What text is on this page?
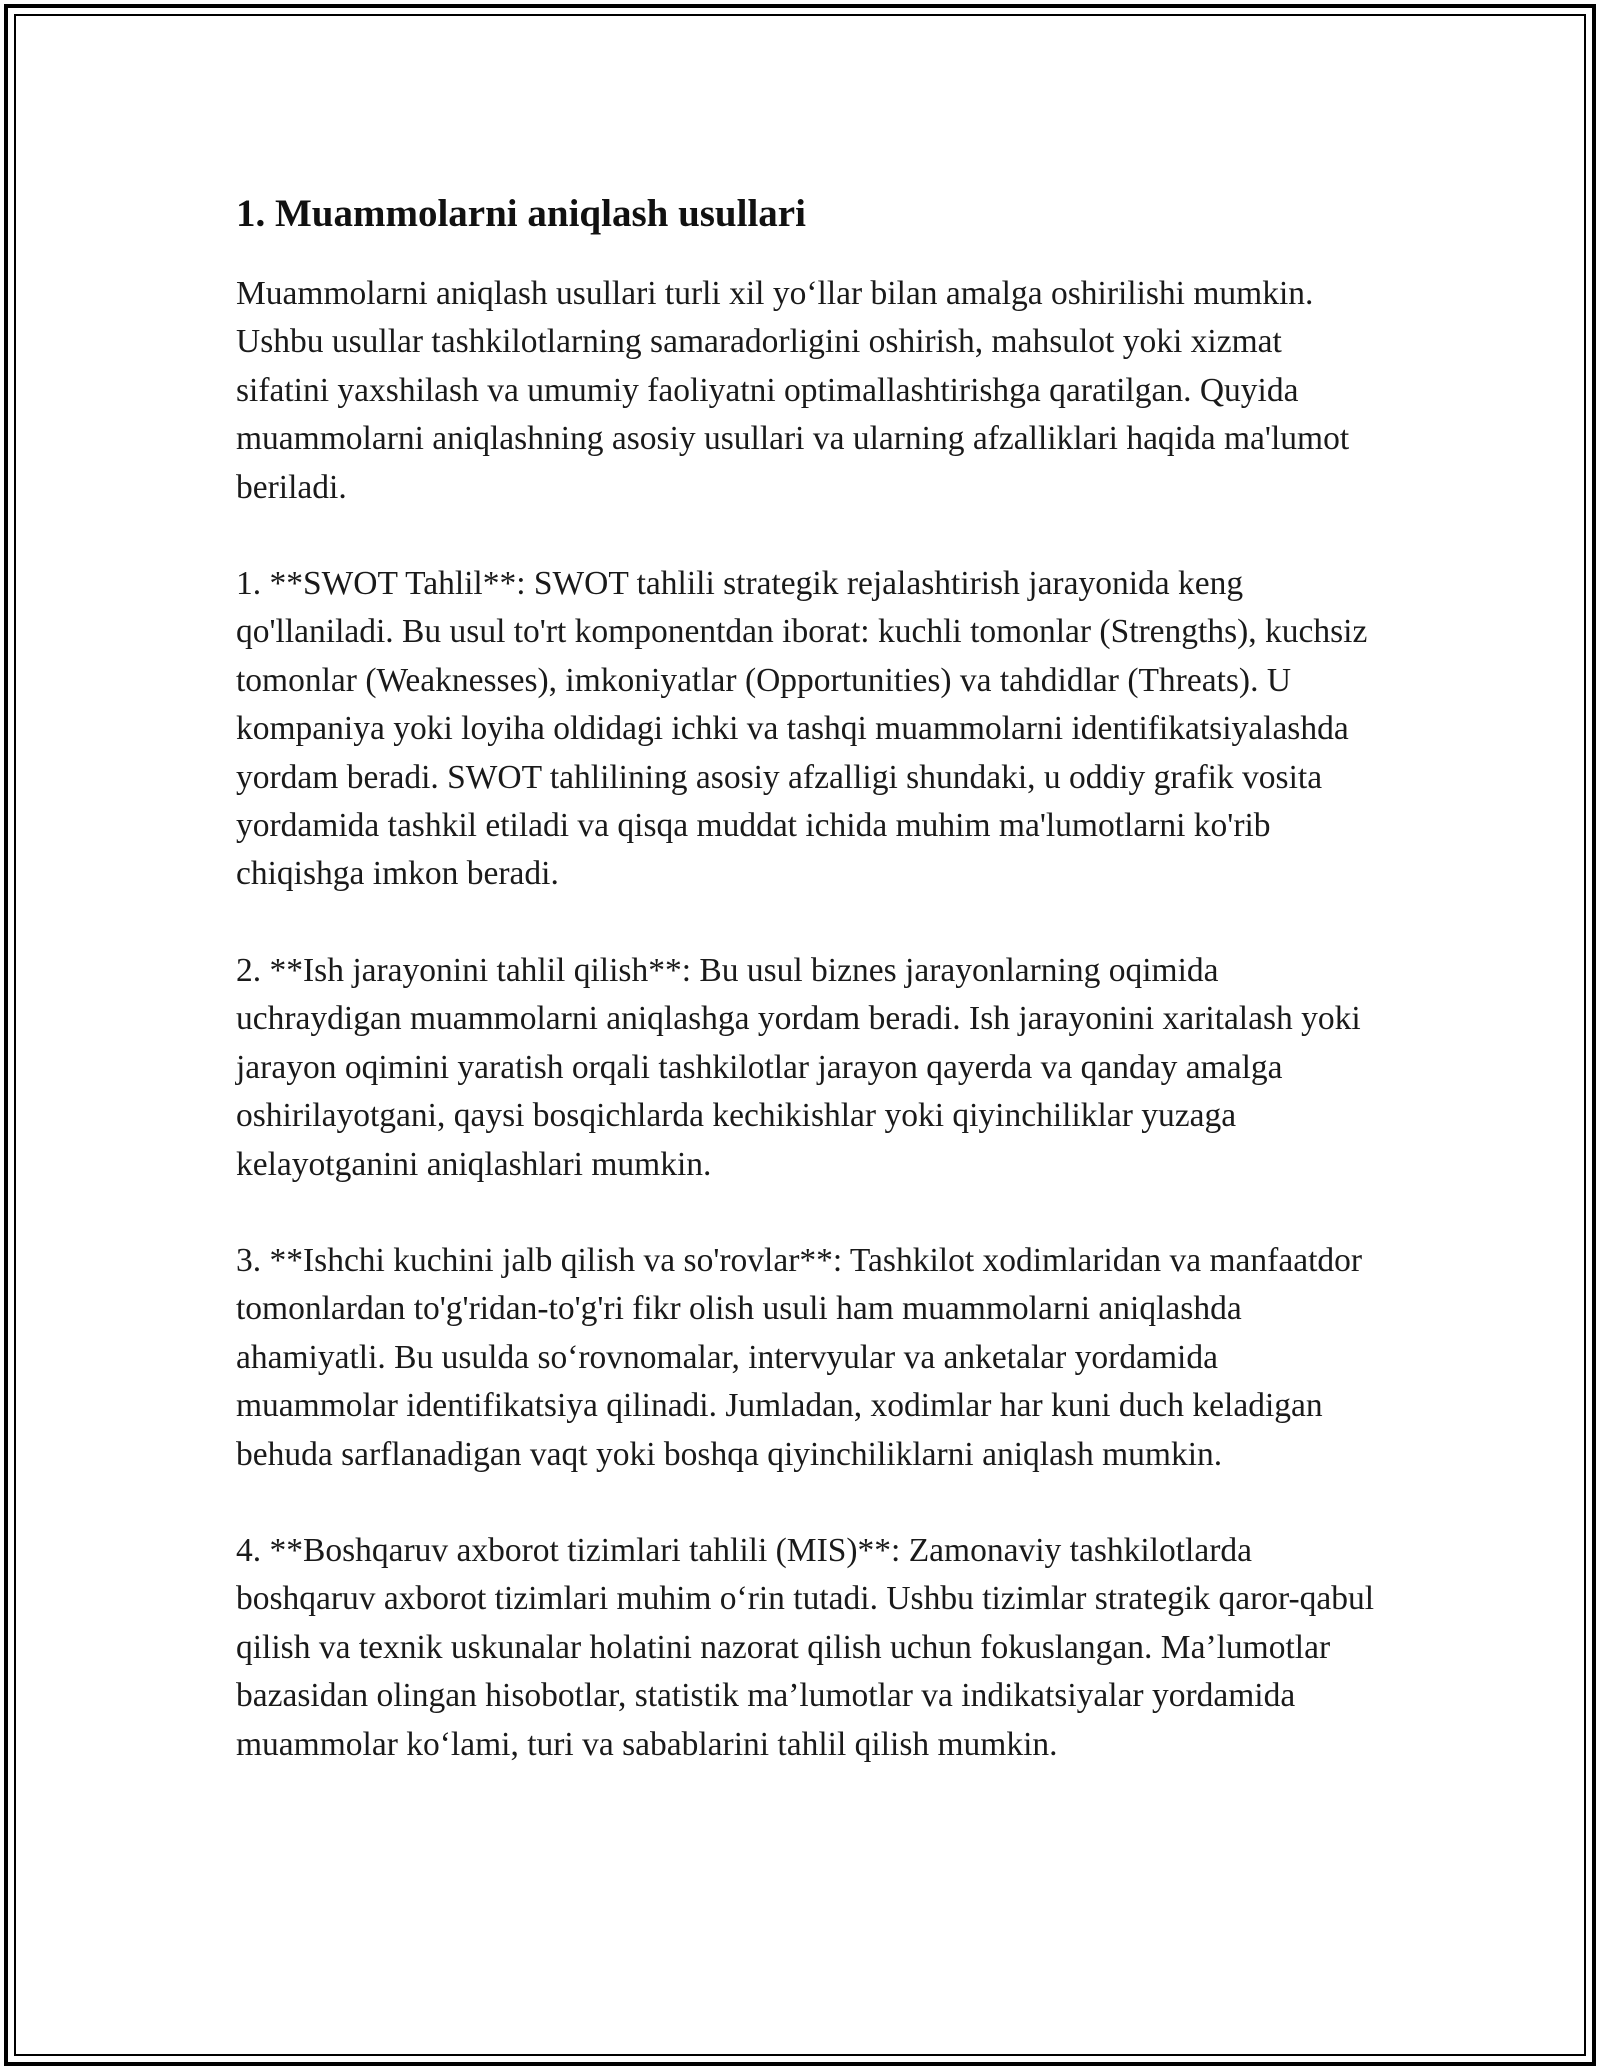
1. Muammolarni aniqlash usullari

Muammolarni aniqlash usullari turli xil yo‘llar bilan amalga oshirilishi mumkin. Ushbu usullar tashkilotlarning samaradorligini oshirish, mahsulot yoki xizmat sifatini yaxshilash va umumiy faoliyatni optimallashtirishga qaratilgan. Quyida muammolarni aniqlashning asosiy usullari va ularning afzalliklari haqida ma'lumot beriladi.

1. **SWOT Tahlil**: SWOT tahlili strategik rejalashtirish jarayonida keng qo'llaniladi. Bu usul to'rt komponentdan iborat: kuchli tomonlar (Strengths), kuchsiz tomonlar (Weaknesses), imkoniyatlar (Opportunities) va tahdidlar (Threats). U kompaniya yoki loyiha oldidagi ichki va tashqi muammolarni identifikatsiyalashda yordam beradi. SWOT tahlilining asosiy afzalligi shundaki, u oddiy grafik vosita yordamida tashkil etiladi va qisqa muddat ichida muhim ma'lumotlarni ko'rib chiqishga imkon beradi.

2. **Ish jarayonini tahlil qilish**: Bu usul biznes jarayonlarning oqimida uchraydigan muammolarni aniqlashga yordam beradi. Ish jarayonini xaritalash yoki jarayon oqimini yaratish orqali tashkilotlar jarayon qayerda va qanday amalga oshirilayotgani, qaysi bosqichlarda kechikishlar yoki qiyinchiliklar yuzaga kelayotganini aniqlashlari mumkin.

3. **Ishchi kuchini jalb qilish va so'rovlar**: Tashkilot xodimlaridan va manfaatdor tomonlardan to'g'ridan-to'g'ri fikr olish usuli ham muammolarni aniqlashda ahamiyatli. Bu usulda so‘rovnomalar, intervyular va anketalar yordamida muammolar identifikatsiya qilinadi. Jumladan, xodimlar har kuni duch keladigan behuda sarflanadigan vaqt yoki boshqa qiyinchiliklarni aniqlash mumkin.

4. **Boshqaruv axborot tizimlari tahlili (MIS)**: Zamonaviy tashkilotlarda boshqaruv axborot tizimlari muhim o‘rin tutadi. Ushbu tizimlar strategik qaror-qabul qilish va texnik uskunalar holatini nazorat qilish uchun fokuslangan. Ma’lumotlar bazasidan olingan hisobotlar, statistik ma’lumotlar va indikatsiyalar yordamida muammolar ko‘lami, turi va sabablarini tahlil qilish mumkin.
